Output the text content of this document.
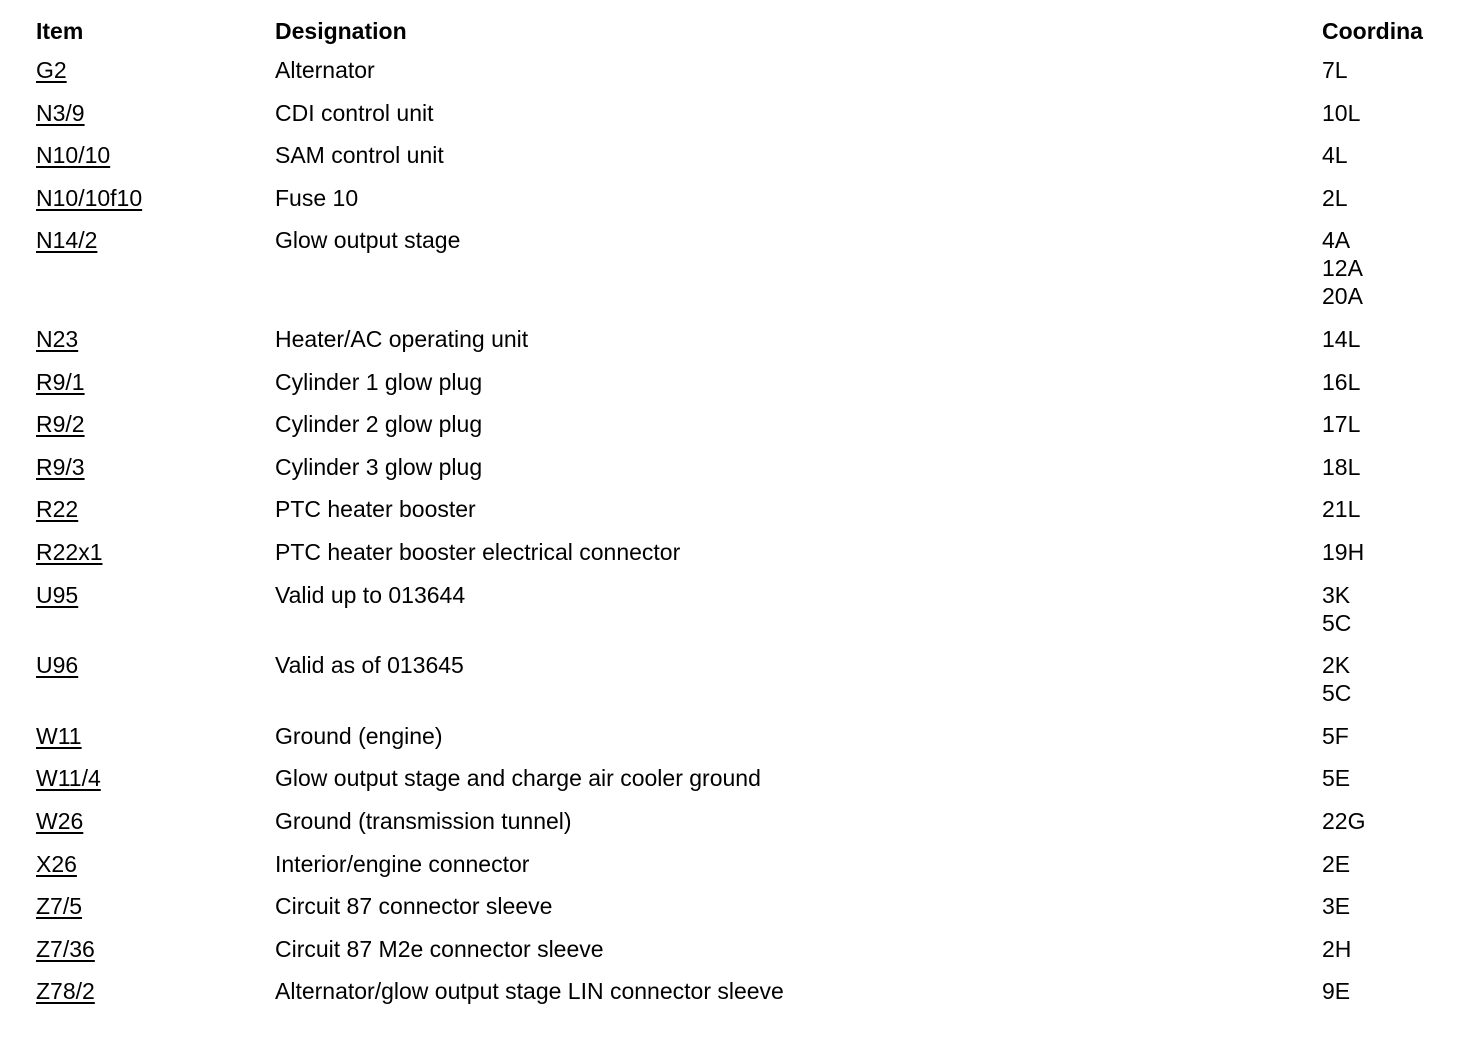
Item	Designation	Coordina
G2	Alternator	7L
N3/9	CDI control unit	10L
N10/10	SAM control unit	4L
N10/10f10	Fuse 10	2L
N14/2	Glow output stage	4A
12A
20A
N23	Heater/AC operating unit	14L
R9/1	Cylinder 1 glow plug	16L
R9/2	Cylinder 2 glow plug	17L
R9/3	Cylinder 3 glow plug	18L
R22	PTC heater booster	21L
R22x1	PTC heater booster electrical connector	19H
U95	Valid up to 013644	3K
5C
U96	Valid as of 013645	2K
5C
W11	Ground (engine)	5F
W11/4	Glow output stage and charge air cooler ground	5E
W26	Ground (transmission tunnel)	22G
X26	Interior/engine connector	2E
Z7/5	Circuit 87 connector sleeve	3E
Z7/36	Circuit 87 M2e connector sleeve	2H
Z78/2	Alternator/glow output stage LIN connector sleeve	9E
